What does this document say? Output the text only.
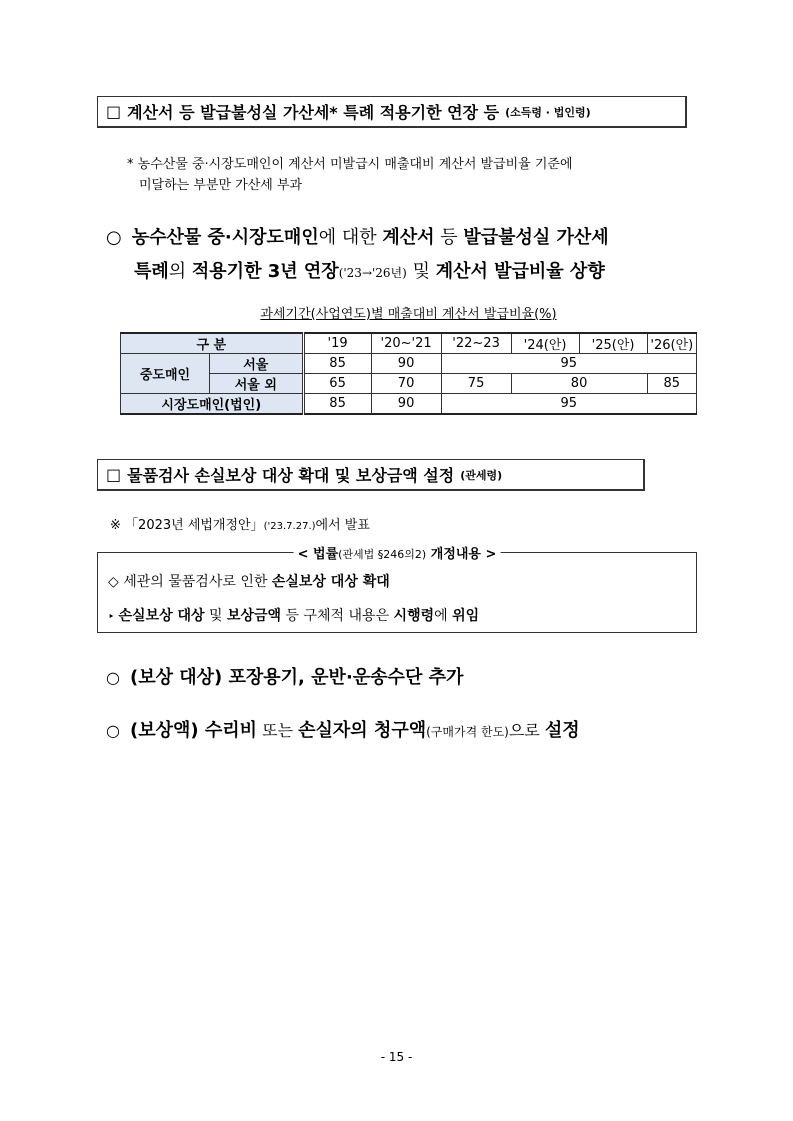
□ 계산서 등 발급불성실 가산세* 특례 적용기한 연장 등 (소득령 · 법인령)
* 농수산물 중·시장도매인이 계산서 미발급시 매출대비 계산서 발급비율 기준에
미달하는 부분만 가산세 부과
○ 농수산물 중·시장도매인에 대한 계산서 등 발급불성실 가산세
특례의 적용기한 3년 연장('23→'26년) 및 계산서 발급비율 상향
과세기간(사업연도)별 매출대비 계산서 발급비율(%)
구 분		'19	'20~'21	'22~23	'24(안)	'25(안)	'26(안)
중도매인	서울	85	90	95			
	서울 외	65	70	75	80		85
시장도매인(법인)		85	90	95			
□ 물품검사 손실보상 대상 확대 및 보상금액 설정 (관세령)
※ 「2023년 세법개정안」('23.7.27.)에서 발표
< 법률(관세법 §246의2) 개정내용 >
◇ 세관의 물품검사로 인한 손실보상 대상 확대
‣ 손실보상 대상 및 보상금액 등 구체적 내용은 시행령에 위임
○ (보상 대상) 포장용기, 운반·운송수단 추가
○ (보상액) 수리비 또는 손실자의 청구액(구매가격 한도)으로 설정
- 15 -
